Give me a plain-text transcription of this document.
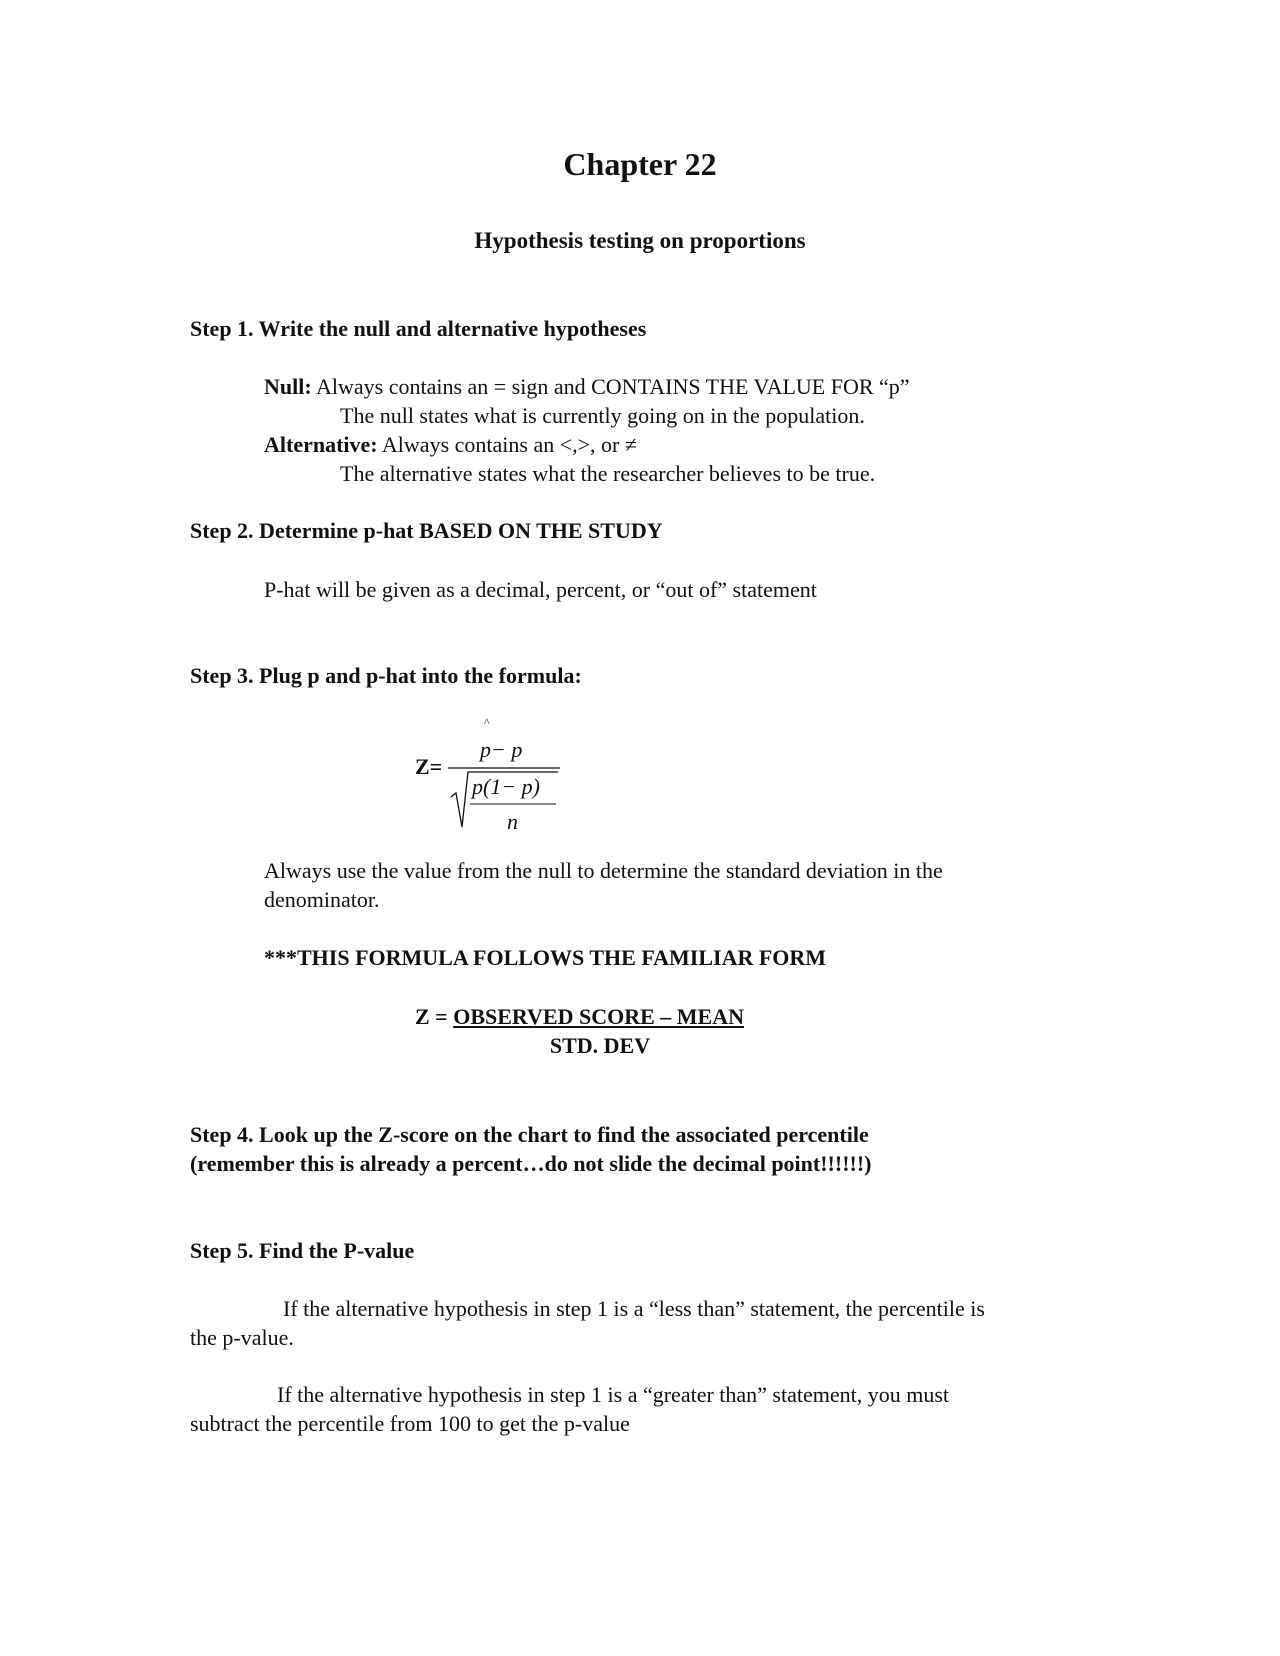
Chapter 22
Hypothesis testing on proportions
Step 1. Write the null and alternative hypotheses
Null: Always contains an = sign and CONTAINS THE VALUE FOR “p”
The null states what is currently going on in the population.
Alternative: Always contains an <,>, or ≠
The alternative states what the researcher believes to be true.
Step 2. Determine p-hat BASED ON THE STUDY
P-hat will be given as a decimal, percent, or “out of” statement
Step 3. Plug p and p-hat into the formula:
Z=
^
p− p
p(1− p)
n
Always use the value from the null to determine the standard deviation in the
denominator.
***THIS FORMULA FOLLOWS THE FAMILIAR FORM
Z = OBSERVED SCORE – MEAN
STD. DEV
Step 4. Look up the Z-score on the chart to find the associated percentile
(remember this is already a percent…do not slide the decimal point!!!!!!)
Step 5. Find the P-value
If the alternative hypothesis in step 1 is a “less than” statement, the percentile is
the p-value.
If the alternative hypothesis in step 1 is a “greater than” statement, you must
subtract the percentile from 100 to get the p-value
